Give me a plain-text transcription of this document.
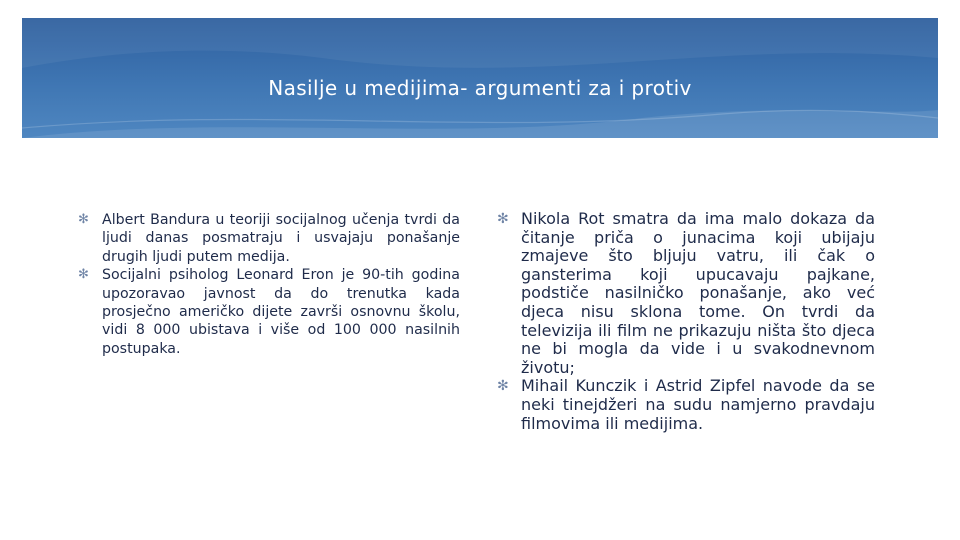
Nasilje u medijima- argumenti za i protiv
✻ Albert Bandura u teoriji socijalnog učenja tvrdi da ljudi danas posmatraju i usvajaju ponašanje drugih ljudi putem medija.
✻ Socijalni psiholog Leonard Eron je 90-tih godina upozoravao javnost da do trenutka kada prosječno američko dijete završi osnovnu školu, vidi 8 000 ubistava i više od 100 000 nasilnih postupaka.
✻ Nikola Rot smatra da ima malo dokaza da čitanje priča o junacima koji ubijaju zmajeve što bljuju vatru, ili čak o gansterima koji upucavaju pajkane, podstiče nasilničko ponašanje, ako već djeca nisu sklona tome. On tvrdi da televizija ili film ne prikazuju ništa što djeca ne bi mogla da vide i u svakodnevnom životu;
✻ Mihail Kunczik i Astrid Zipfel navode da se neki tinejdžeri na sudu namjerno pravdaju filmovima ili medijima.
